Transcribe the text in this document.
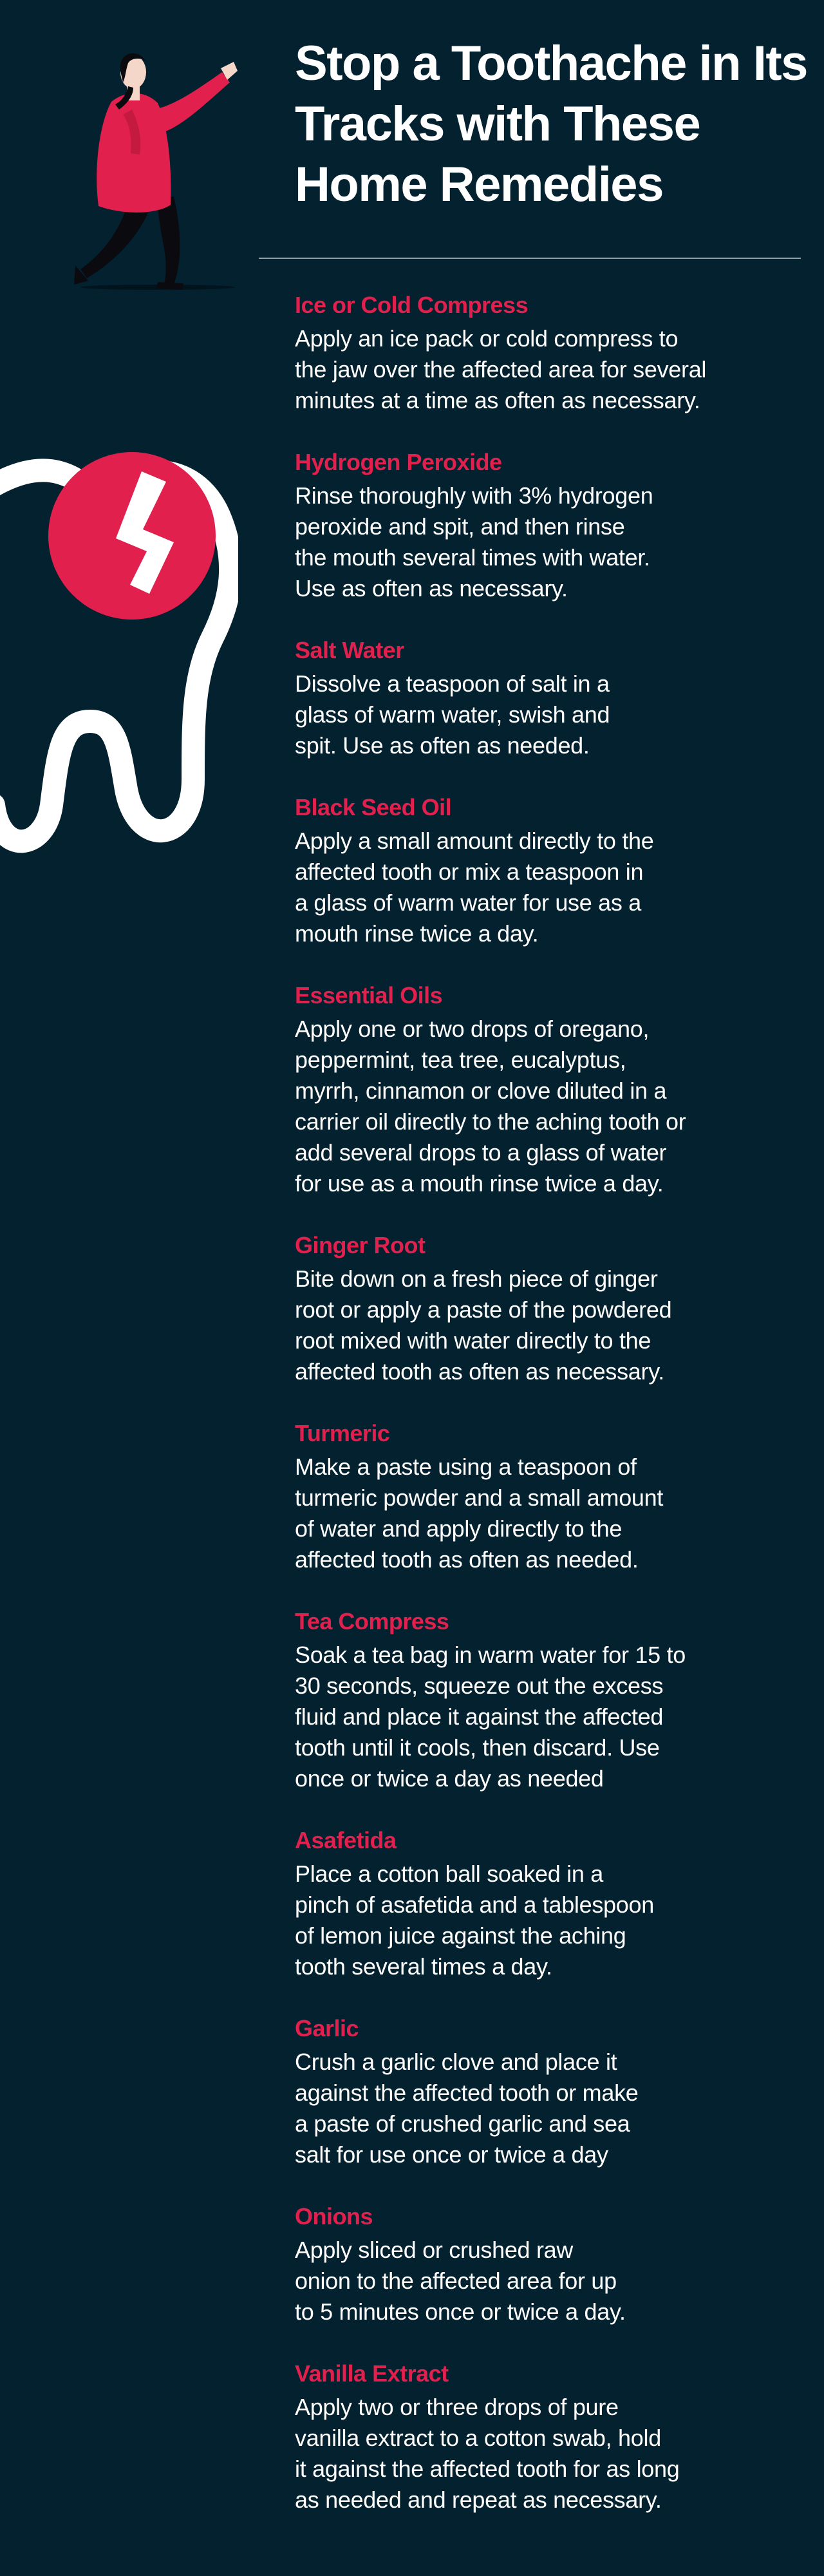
Stop a Toothache in Its Tracks with These Home Remedies
Ice or Cold Compress

Apply an ice pack or cold compress to
the jaw over the affected area for several
minutes at a time as often as necessary.

Hydrogen Peroxide

Rinse thoroughly with 3% hydrogen
peroxide and spit, and then rinse
the mouth several times with water.
Use as often as necessary.

Salt Water

Dissolve a teaspoon of salt in a
glass of warm water, swish and
spit. Use as often as needed.

Black Seed Oil

Apply a small amount directly to the
affected tooth or mix a teaspoon in
a glass of warm water for use as a
mouth rinse twice a day.

Essential Oils

Apply one or two drops of oregano,
peppermint, tea tree, eucalyptus,
myrrh, cinnamon or clove diluted in a
carrier oil directly to the aching tooth or
add several drops to a glass of water
for use as a mouth rinse twice a day.

Ginger Root

Bite down on a fresh piece of ginger
root or apply a paste of the powdered
root mixed with water directly to the
affected tooth as often as necessary.

Turmeric

Make a paste using a teaspoon of
turmeric powder and a small amount
of water and apply directly to the
affected tooth as often as needed.

Tea Compress

Soak a tea bag in warm water for 15 to
30 seconds, squeeze out the excess
fluid and place it against the affected
tooth until it cools, then discard. Use
once or twice a day as needed

Asafetida

Place a cotton ball soaked in a
pinch of asafetida and a tablespoon
of lemon juice against the aching
tooth several times a day.

Garlic

Crush a garlic clove and place it
against the affected tooth or make
a paste of crushed garlic and sea
salt for use once or twice a day

Onions

Apply sliced or crushed raw
onion to the affected area for up
to 5 minutes once or twice a day.

Vanilla Extract

Apply two or three drops of pure
vanilla extract to a cotton swab, hold
it against the affected tooth for as long
as needed and repeat as necessary.
